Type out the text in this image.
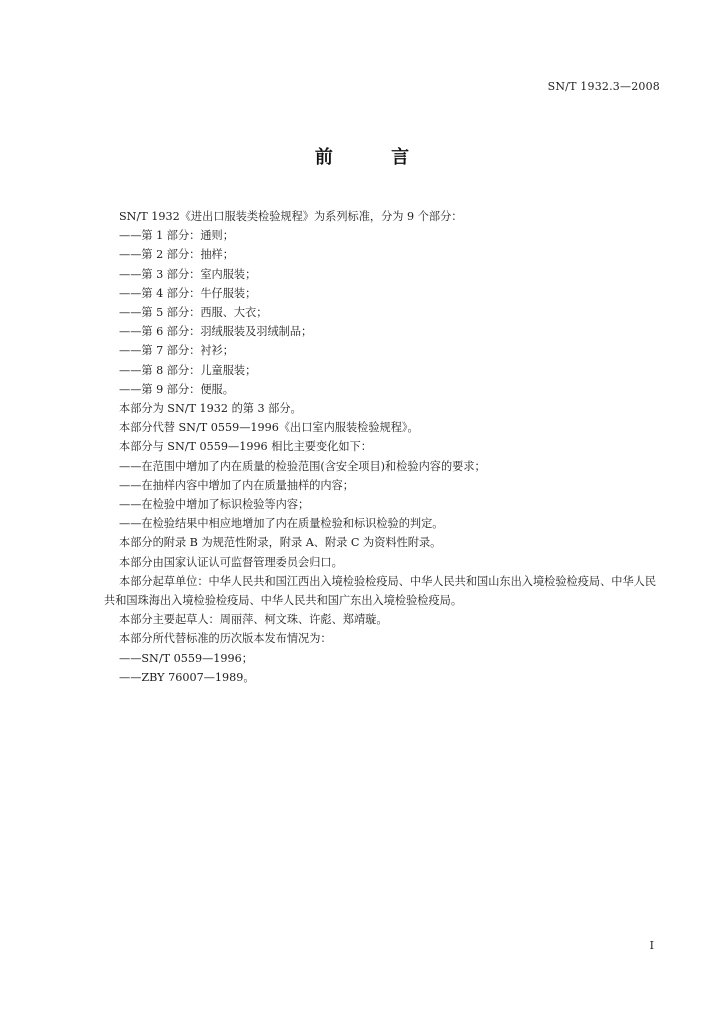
SN/T 1932.3—2008
前 言

SN/T 1932《进出口服装类检验规程》为系列标准，分为 9 个部分：

——第 1 部分：通则；

——第 2 部分：抽样；

——第 3 部分：室内服装；

——第 4 部分：牛仔服装；

——第 5 部分：西服、大衣；

——第 6 部分：羽绒服装及羽绒制品；

——第 7 部分：衬衫；

——第 8 部分：儿童服装；

——第 9 部分：便服。

本部分为 SN/T 1932 的第 3 部分。

本部分代替 SN/T 0559—1996《出口室内服装检验规程》。

本部分与 SN/T 0559—1996 相比主要变化如下：

——在范围中增加了内在质量的检验范围(含安全项目)和检验内容的要求；

——在抽样内容中增加了内在质量抽样的内容；

——在检验中增加了标识检验等内容；

——在检验结果中相应地增加了内在质量检验和标识检验的判定。

本部分的附录 B 为规范性附录，附录 A、附录 C 为资料性附录。

本部分由国家认证认可监督管理委员会归口。

本部分起草单位：中华人民共和国江西出入境检验检疫局、中华人民共和国山东出入境检验检疫局、中华人民共和国珠海出入境检验检疫局、中华人民共和国广东出入境检验检疫局。

本部分主要起草人：周丽萍、柯文珠、许彪、郑靖璇。

本部分所代替标准的历次版本发布情况为：

——SN/T 0559—1996；

——ZBY 76007—1989。

I
